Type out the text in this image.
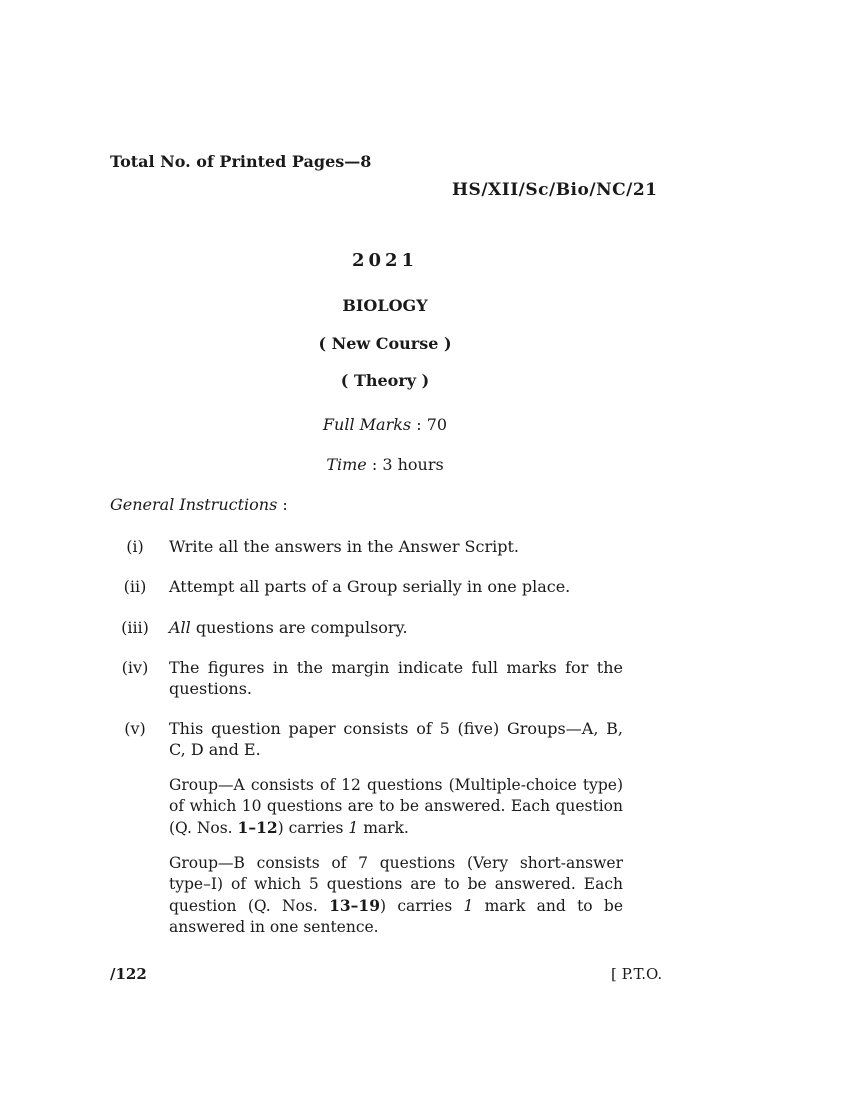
Total No. of Printed Pages—8
HS/XII/Sc/Bio/NC/21
2021
BIOLOGY
( New Course )
( Theory )
Full Marks : 70
Time : 3 hours
General Instructions :
(i)	Write all the answers in the Answer Script.
(ii)	Attempt all parts of a Group serially in one place.
(iii) All questions are compulsory.
(iv) The figures in the margin indicate full marks for the questions.
(v)	This question paper consists of 5 (five) Groups—A, B, C, D and E.
Group—A consists of 12 questions (Multiple-choice type) of which 10 questions are to be answered. Each question (Q. Nos. 1–12) carries 1 mark.
Group—B consists of 7 questions (Very short-answer type–I) of which 5 questions are to be answered. Each question (Q. Nos. 13–19) carries 1 mark and to be answered in one sentence.
/122	[ P.T.O.
